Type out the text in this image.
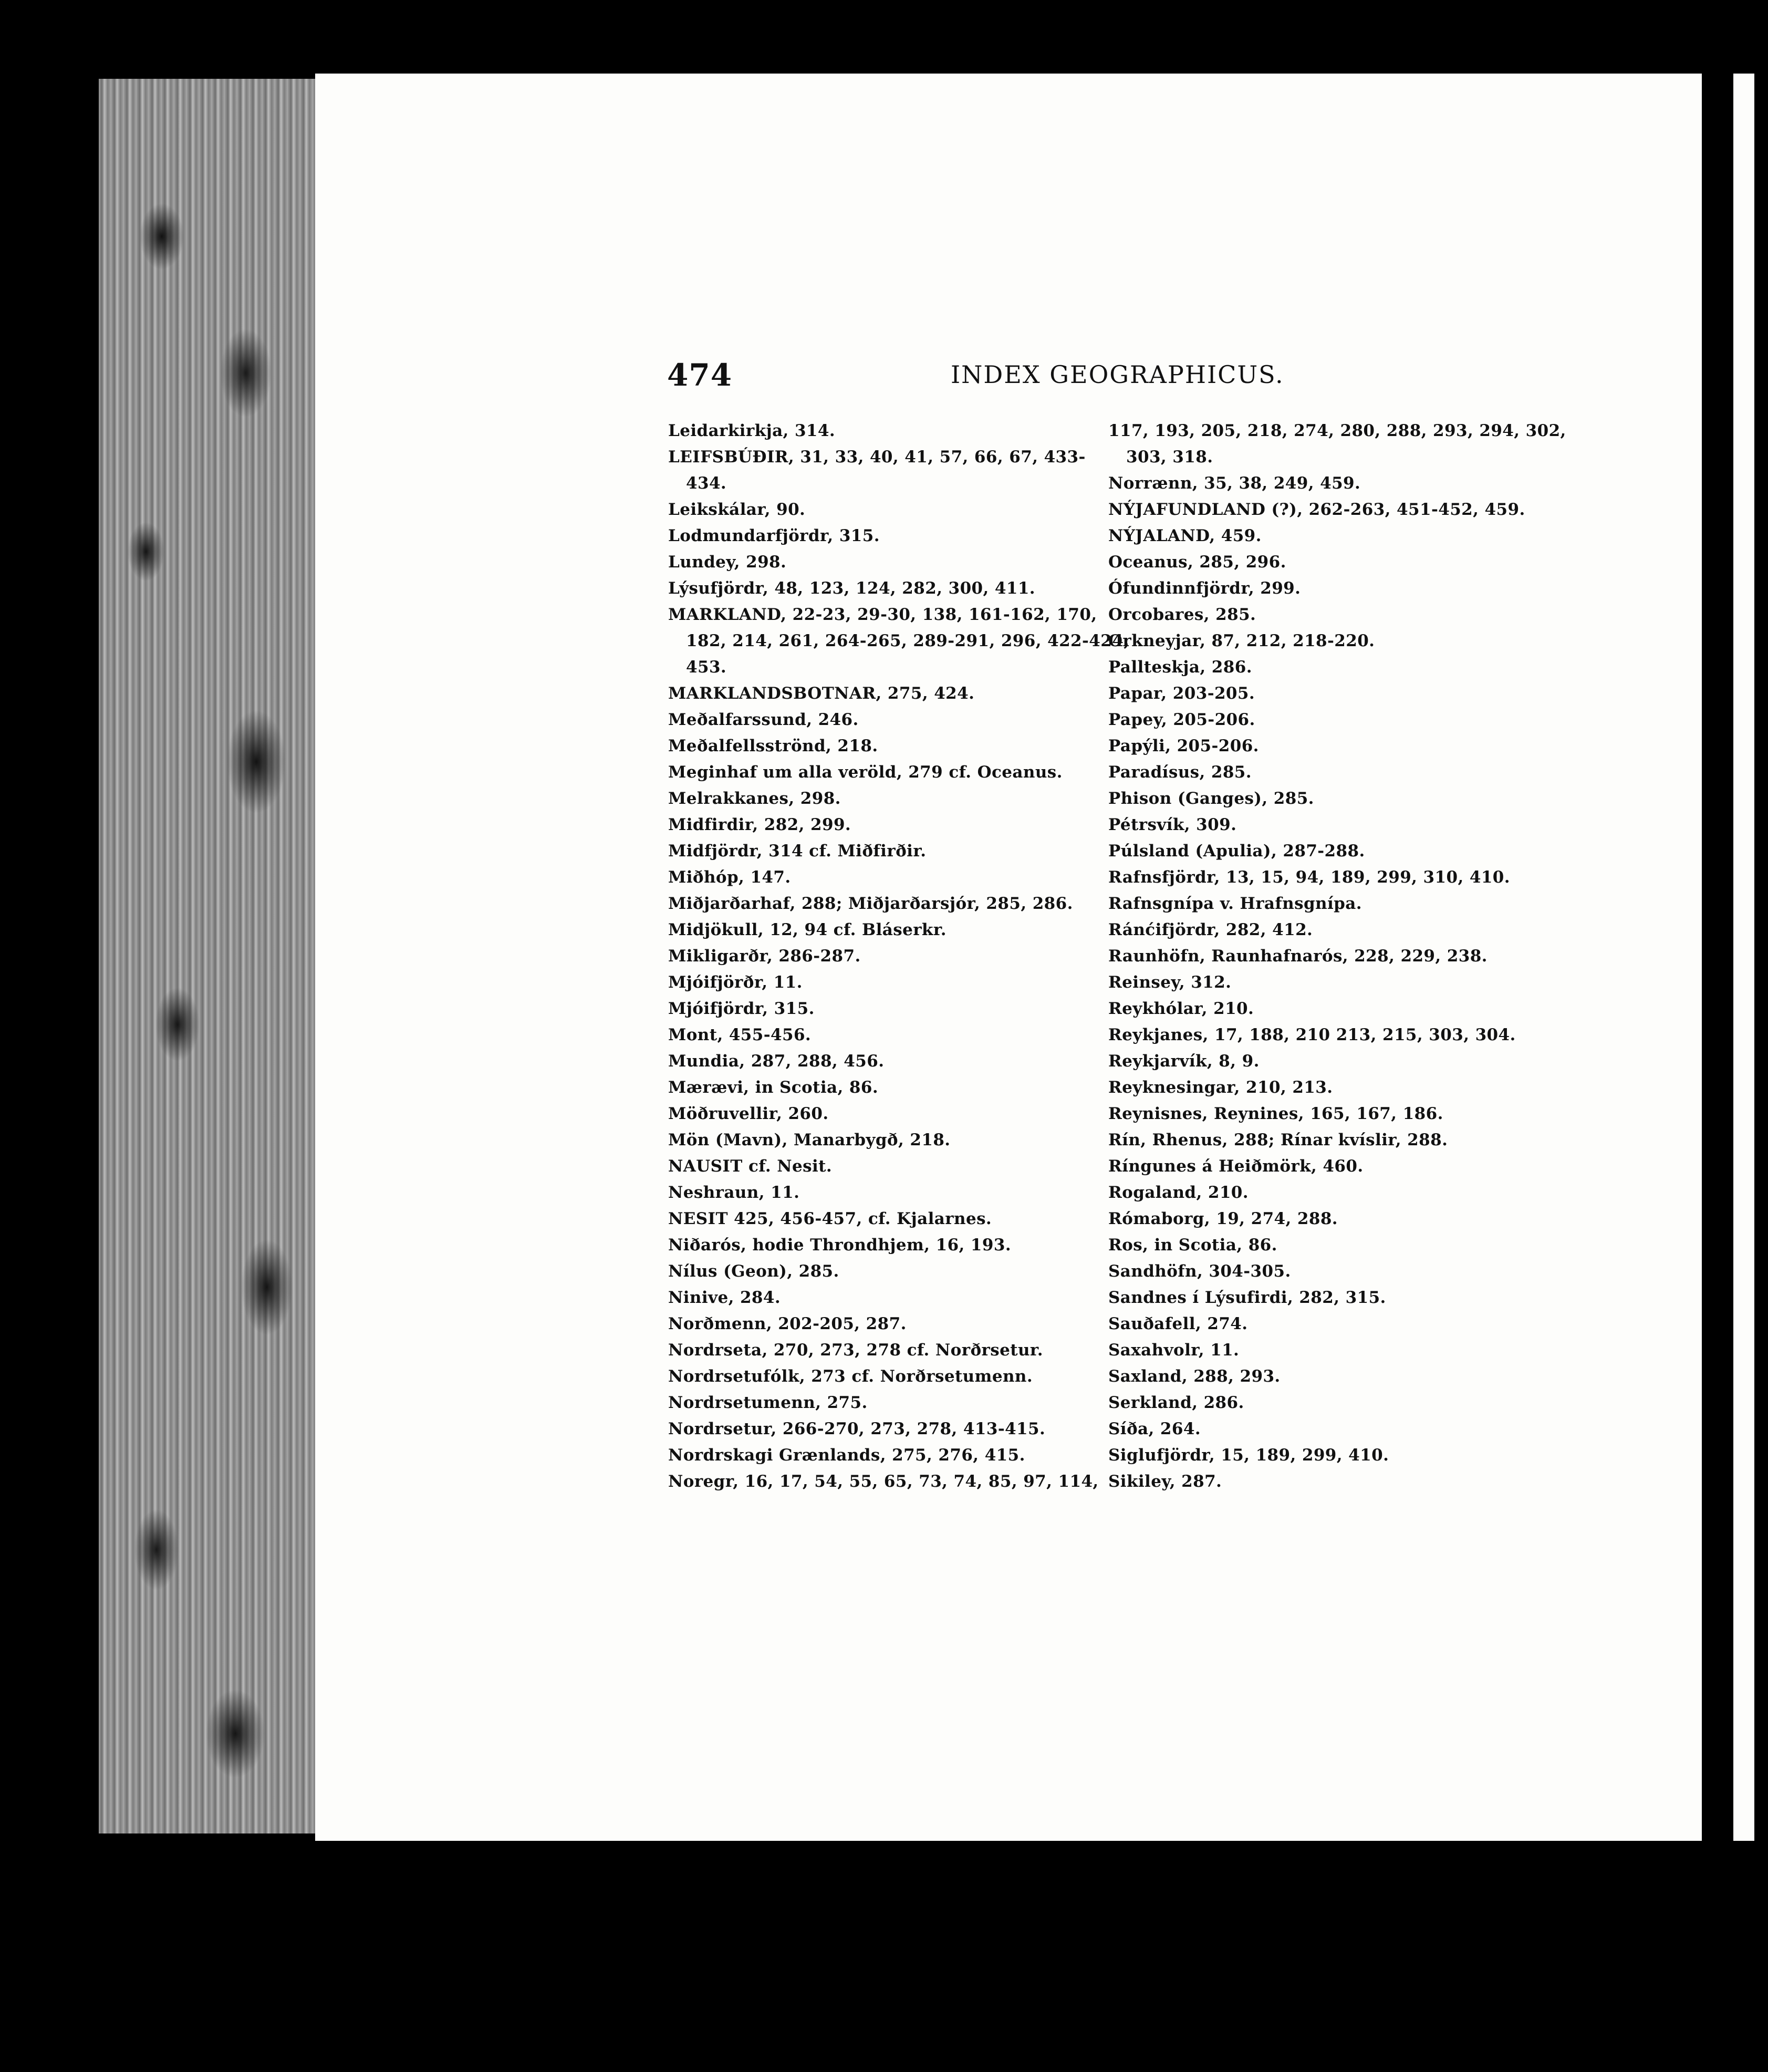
474	INDEX GEOGRAPHICUS.
Leidarkirkja, 314.
LEIFSBÚÐIR, 31, 33, 40, 41, 57, 66, 67, 433-
434.
Leikskálar, 90.
Lodmundarfjördr, 315.
Lundey, 298.
Lýsufjördr, 48, 123, 124, 282, 300, 411.
MARKLAND, 22-23, 29-30, 138, 161-162, 170,
182, 214, 261, 264-265, 289-291, 296, 422-424,
453.
MARKLANDSBOTNAR, 275, 424.
Meðalfarssund, 246.
Meðalfellsströnd, 218.
Meginhaf um alla veröld, 279 cf. Oceanus.
Melrakkanes, 298.
Midfirdir, 282, 299.
Midfjördr, 314 cf. Miðfirðir.
Miðhóp, 147.
Miðjarðarhaf, 288; Miðjarðarsjór, 285, 286.
Midjökull, 12, 94 cf. Bláserkr.
Mikligarðr, 286-287.
Mjóifjörðr, 11.
Mjóifjördr, 315.
Mont, 455-456.
Mundia, 287, 288, 456.
Mærævi, in Scotia, 86.
Möðruvellir, 260.
Mön (Mavn), Manarbygð, 218.
NAUSIT cf. Nesit.
Neshraun, 11.
NESIT 425, 456-457, cf. Kjalarnes.
Niðarós, hodie Throndhjem, 16, 193.
Nílus (Geon), 285.
Ninive, 284.
Norðmenn, 202-205, 287.
Nordrseta, 270, 273, 278 cf. Norðrsetur.
Nordrsetufólk, 273 cf. Norðrsetumenn.
Nordrsetumenn, 275.
Nordrsetur, 266-270, 273, 278, 413-415.
Nordrskagi Grænlands, 275, 276, 415.
Noregr, 16, 17, 54, 55, 65, 73, 74, 85, 97, 114,
117, 193, 205, 218, 274, 280, 288, 293, 294, 302,
303, 318.
Norrænn, 35, 38, 249, 459.
NÝJAFUNDLAND (?), 262-263, 451-452, 459.
NÝJALAND, 459.
Oceanus, 285, 296.
Ófundinnfjördr, 299.
Orcobares, 285.
Orkneyjar, 87, 212, 218-220.
Pallteskja, 286.
Papar, 203-205.
Papey, 205-206.
Papýli, 205-206.
Paradísus, 285.
Phison (Ganges), 285.
Pétrsvík, 309.
Púlsland (Apulia), 287-288.
Rafnsfjördr, 13, 15, 94, 189, 299, 310, 410.
Rafnsgnípa v. Hrafnsgnípa.
Ránćifjördr, 282, 412.
Raunhöfn, Raunhafnarós, 228, 229, 238.
Reinsey, 312.
Reykhólar, 210.
Reykjanes, 17, 188, 210 213, 215, 303, 304.
Reykjarvík, 8, 9.
Reyknesingar, 210, 213.
Reynisnes, Reynines, 165, 167, 186.
Rín, Rhenus, 288; Rínar kvíslir, 288.
Ríngunes á Heiðmörk, 460.
Rogaland, 210.
Rómaborg, 19, 274, 288.
Ros, in Scotia, 86.
Sandhöfn, 304-305.
Sandnes í Lýsufirdi, 282, 315.
Sauðafell, 274.
Saxahvolr, 11.
Saxland, 288, 293.
Serkland, 286.
Síða, 264.
Siglufjördr, 15, 189, 299, 410.
Sikiley, 287.
